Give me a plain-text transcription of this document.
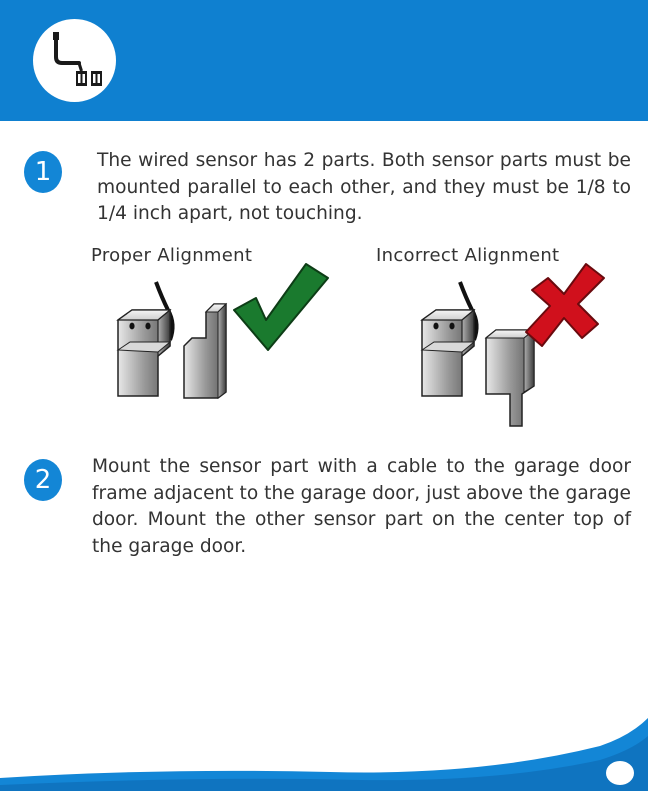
1	The wired sensor has 2 parts. Both sensor parts must be mounted parallel to each other, and they must be 1/8 to 1/4 inch apart, not touching.

Proper Alignment	Incorrect Alignment
2	Mount the sensor part with a cable to the garage door frame adjacent to the garage door, just above the garage door. Mount the other sensor part on the center top of the garage door.
